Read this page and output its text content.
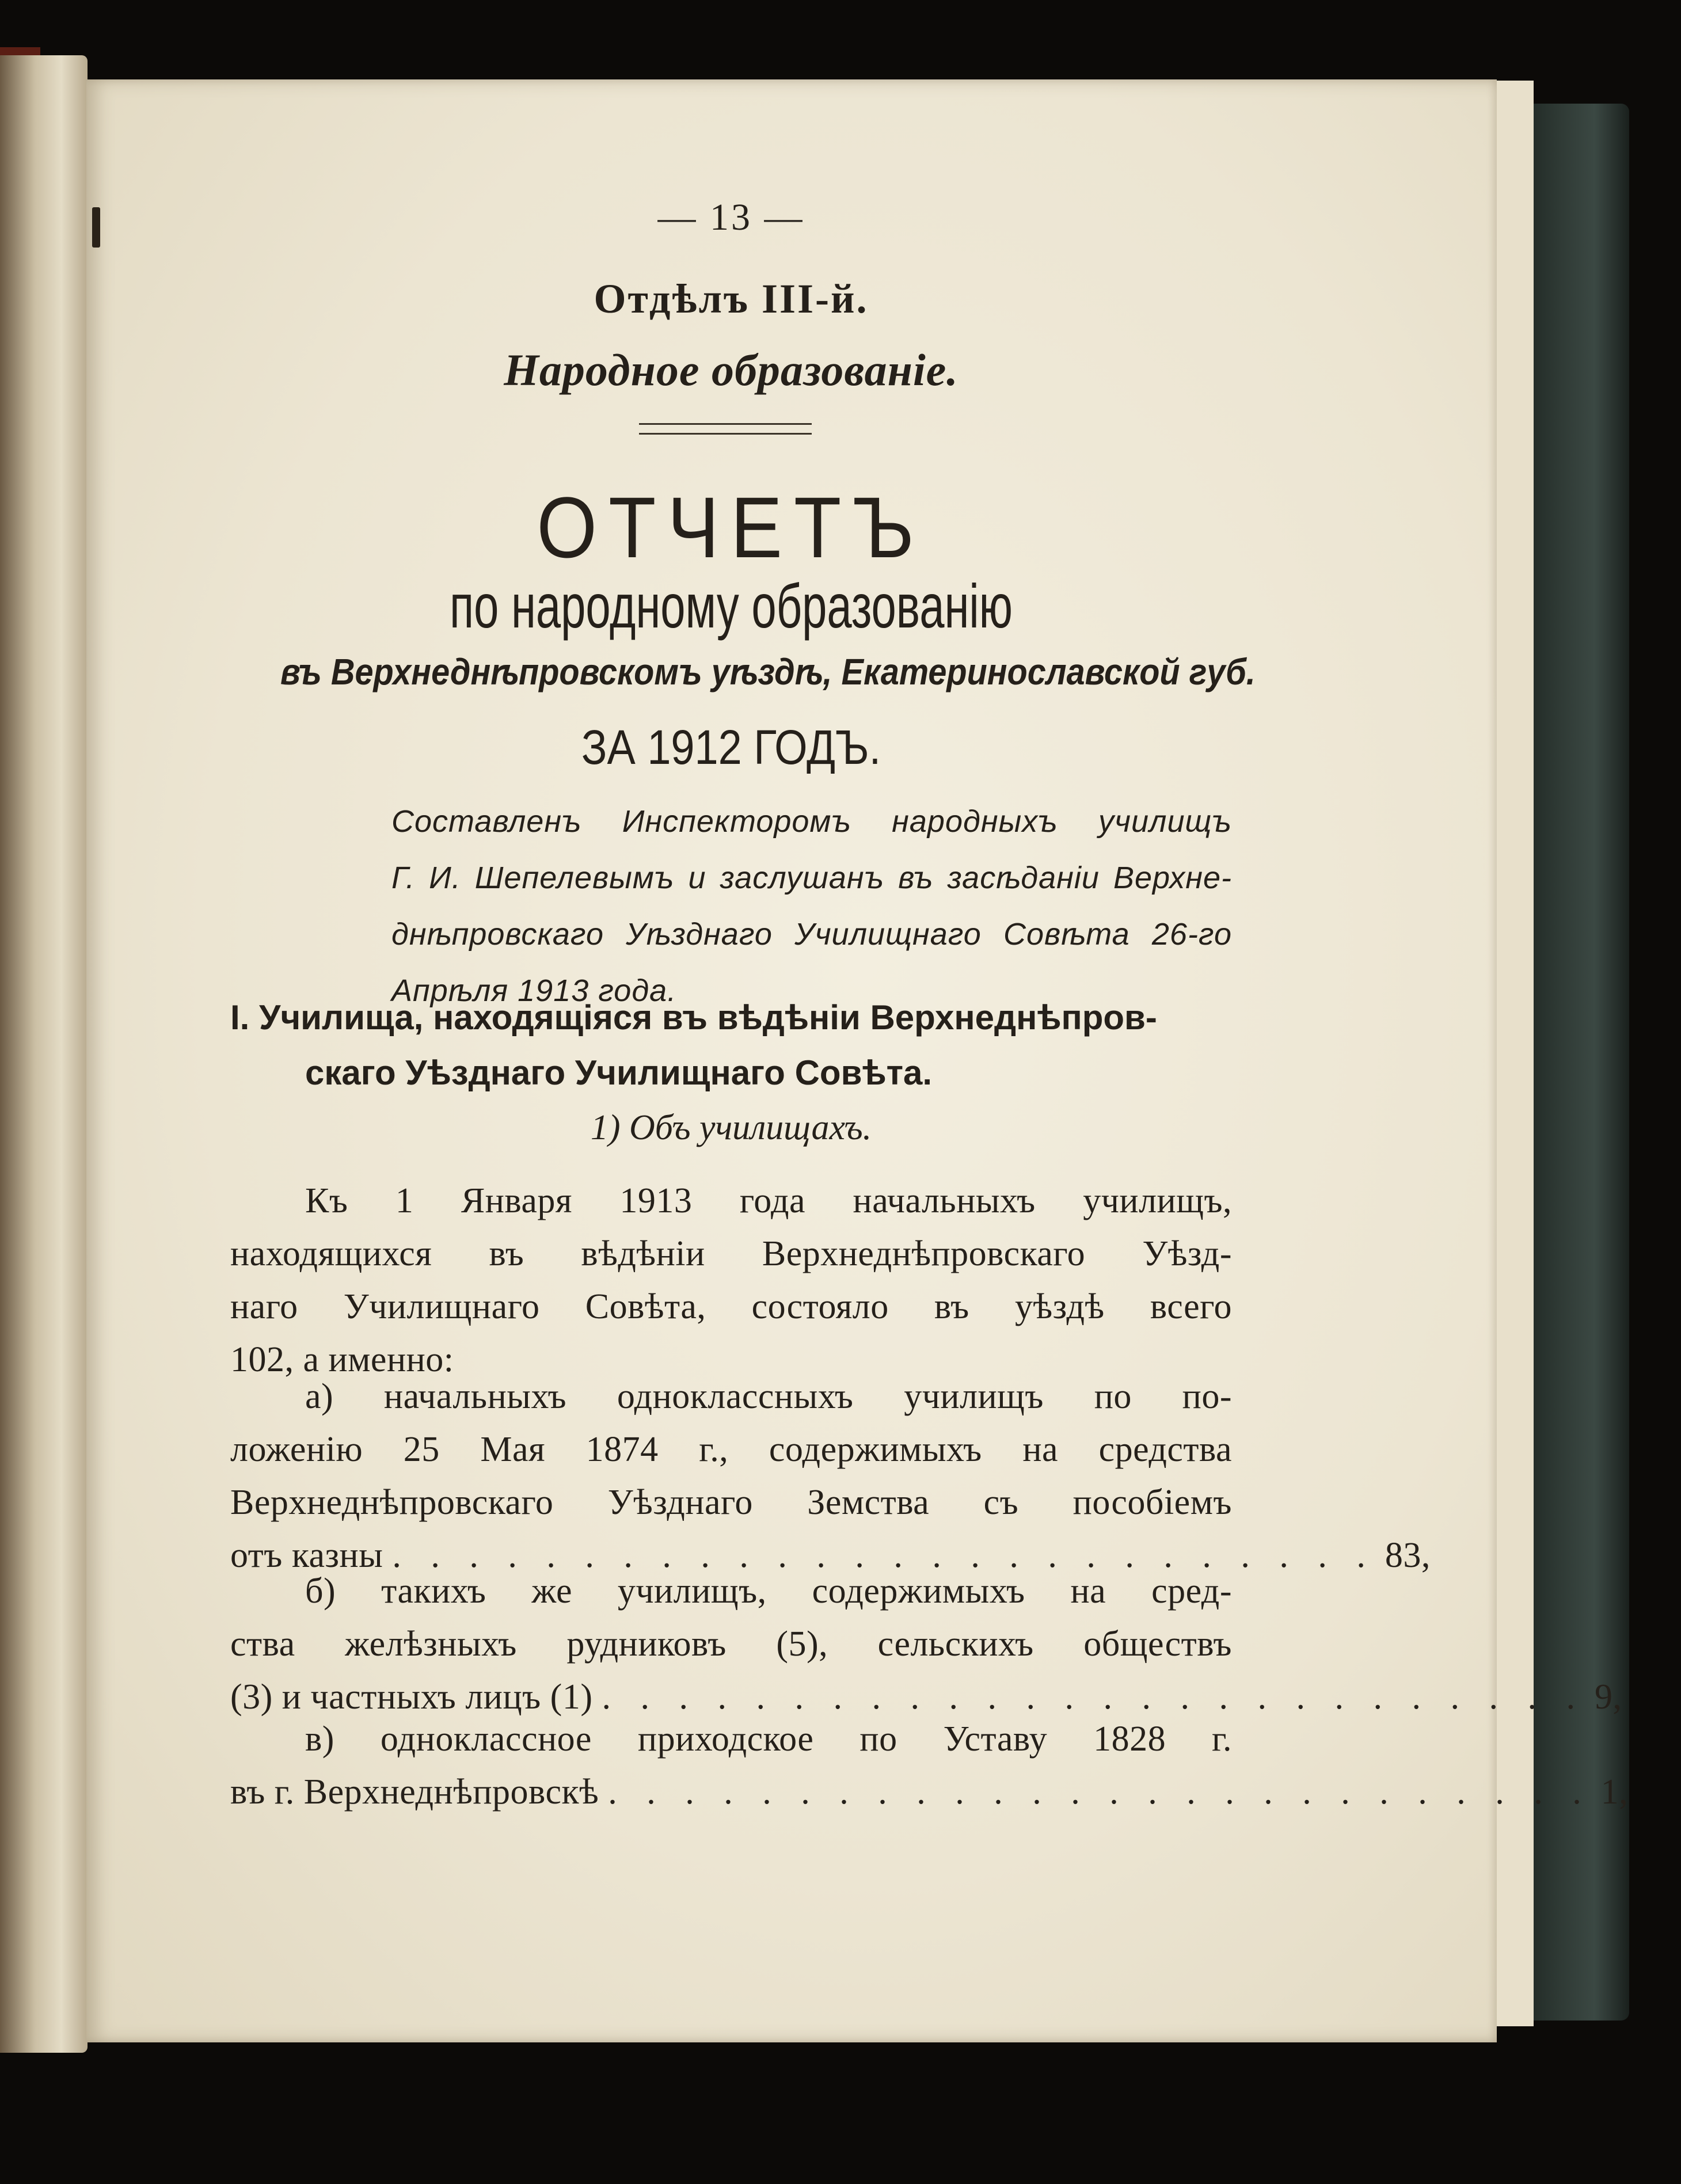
— 13 —
Отдѣлъ III-й.
Народное образованіе.
ОТЧЕТЪ
по народному образованію
въ Верхнеднѣпровскомъ уѣздѣ, Екатеринославской губ.
ЗА 1912 ГОДЪ.
Составленъ Инспекторомъ народныхъ училищъ
Г. И. Шепелевымъ и заслушанъ въ засѣданіи Верхне-
днѣпровскаго Уѣзднаго Училищнаго Совѣта 26-го
Апрѣля 1913 года.
I. Училища, находящіяся въ вѣдѣніи Верхнеднѣпров-
скаго Уѣзднаго Училищнаго Совѣта.
1) Объ училищахъ.
Къ 1 Января 1913 года начальныхъ училищъ,
находящихся въ вѣдѣніи Верхнеднѣпровскаго Уѣзд-
наго Училищнаго Совѣта, состояло въ уѣздѣ всего
102, а именно:
а) начальныхъ одноклассныхъ училищъ по по-
ложенію 25 Мая 1874 г., содержимыхъ на средства
Верхнеднѣпровскаго Уѣзднаго Земства съ пособіемъ
отъ казны . . . . . . . . . . . . . . . . . . . . . . . . . . 83,
б) такихъ же училищъ, содержимыхъ на сред-
ства желѣзныхъ рудниковъ (5), сельскихъ обществъ
(3) и частныхъ лицъ (1) . . . . . . . . . . . . . . . . . . . . . . . . . . 9,
в) одноклассное приходское по Уставу 1828 г.
въ г. Верхнеднѣпровскѣ . . . . . . . . . . . . . . . . . . . . . . . . . . 1,
